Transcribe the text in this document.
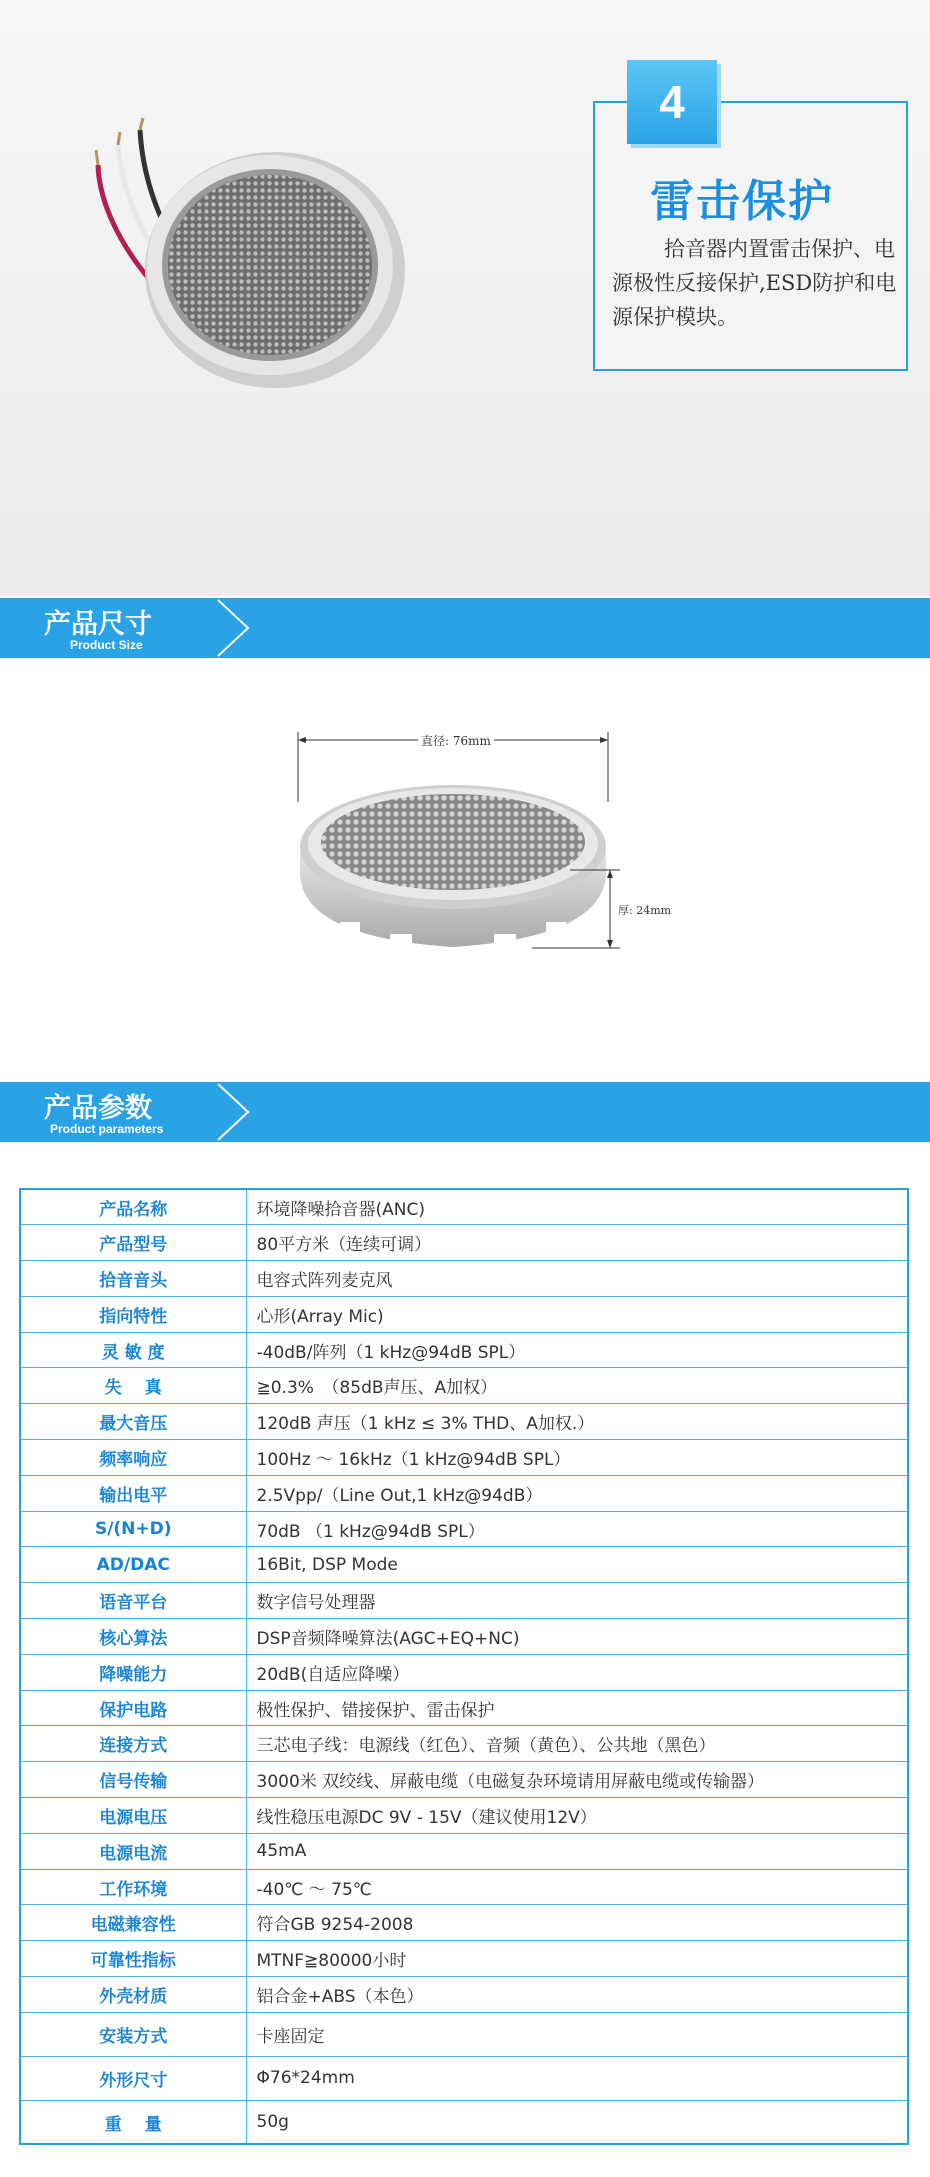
4
雷击保护
拾音器内置雷击保护、电源极性反接保护,ESD防护和电源保护模块。
产品尺寸
Product Size
直径: 76mm
厚: 24mm
产品参数
Product parameters
产品名称	环境降噪拾音器(ANC)
产品型号	80平方米（连续可调）
拾音音头	电容式阵列麦克风
指向特性	心形(Array Mic)
灵 敏 度	-40dB/阵列（1 kHz@94dB SPL）
失　 真	≧0.3%　（85dB声压、A加权）
最大音压	120dB 声压（1 kHz ≤ 3% THD、A加权.）
频率响应	100Hz ～ 16kHz（1 kHz@94dB SPL）
输出电平	2.5Vpp/（Line Out,1 kHz@94dB）
S/(N+D)	70dB （1 kHz@94dB SPL）
AD/DAC	16Bit, DSP Mode
语音平台	数字信号处理器
核心算法	DSP音频降噪算法(AGC+EQ+NC)
降噪能力	20dB(自适应降噪）
保护电路	极性保护、错接保护、雷击保护
连接方式	三芯电子线：电源线（红色）、音频（黄色）、公共地（黑色）
信号传输	3000米 双绞线、屏蔽电缆（电磁复杂环境请用屏蔽电缆或传输器）
电源电压	线性稳压电源DC 9V - 15V（建议使用12V）
电源电流	45mA
工作环境	-40℃ ～ 75℃
电磁兼容性	符合GB 9254-2008
可靠性指标	MTNF≧80000小时
外壳材质	铝合金+ABS（本色）
安装方式	卡座固定
外形尺寸	Φ76*24mm
重　 量	50g
